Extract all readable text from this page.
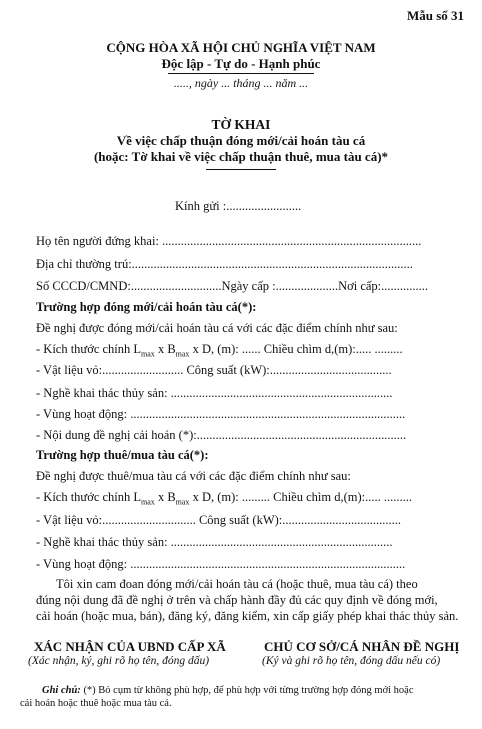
Mẫu số 31
CỘNG HÒA XÃ HỘI CHỦ NGHĨA VIỆT NAM
Độc lập - Tự do - Hạnh phúc
....., ngày ... tháng ... năm ...
TỜ KHAI
Về việc chấp thuận đóng mới/cải hoán tàu cá
(hoặc: Tờ khai về việc chấp thuận thuê, mua tàu cá)*
Kính gửi :........................
Họ tên người đứng khai: ...................................................................................
Địa chỉ thường trú:..........................................................................................
Số CCCD/CMND:.............................Ngày cấp :....................Nơi cấp:...............
Trường hợp đóng mới/cải hoán tàu cá(*):
Đề nghị được đóng mới/cải hoán tàu cá với các đặc điểm chính như sau:
- Kích thước chính $L_{max}$ x $B_{max}$ x D, (m): ...... Chiều chìm d,(m):..... .........
- Vật liệu vỏ:.......................... Công suất (kW):.......................................
- Nghề khai thác thủy sản: .......................................................................
- Vùng hoạt động: ........................................................................................
- Nội dung đề nghị cải hoán (*):...................................................................
Trường hợp thuê/mua tàu cá(*):
Đề nghị được thuê/mua tàu cá với các đặc điểm chính như sau:
- Kích thước chính $L_{max}$ x $B_{max}$ x D, (m): ......... Chiều chìm d,(m):..... .........
- Vật liệu vỏ:.............................. Công suất (kW):......................................
- Nghề khai thác thủy sản: .......................................................................
- Vùng hoạt động: ........................................................................................
Tôi xin cam đoan đóng mới/cải hoán tàu cá (hoặc thuê, mua tàu cá) theo
đúng nội dung đã đề nghị ở trên và chấp hành đầy đủ các quy định về đóng mới,
cải hoán (hoặc mua, bán), đăng ký, đăng kiểm, xin cấp giấy phép khai thác thủy sản.
XÁC NHẬN CỦA UBND CẤP XÃ
(Xác nhận, ký, ghi rõ họ tên, đóng dấu)
CHỦ CƠ SỞ/CÁ NHÂN ĐỀ NGHỊ
(Ký và ghi rõ họ tên, đóng dấu nếu có)
Ghi chú: (*) Bỏ cụm từ không phù hợp, để phù hợp với từng trường hợp đóng mới hoặc
cải hoán hoặc thuê hoặc mua tàu cá.
